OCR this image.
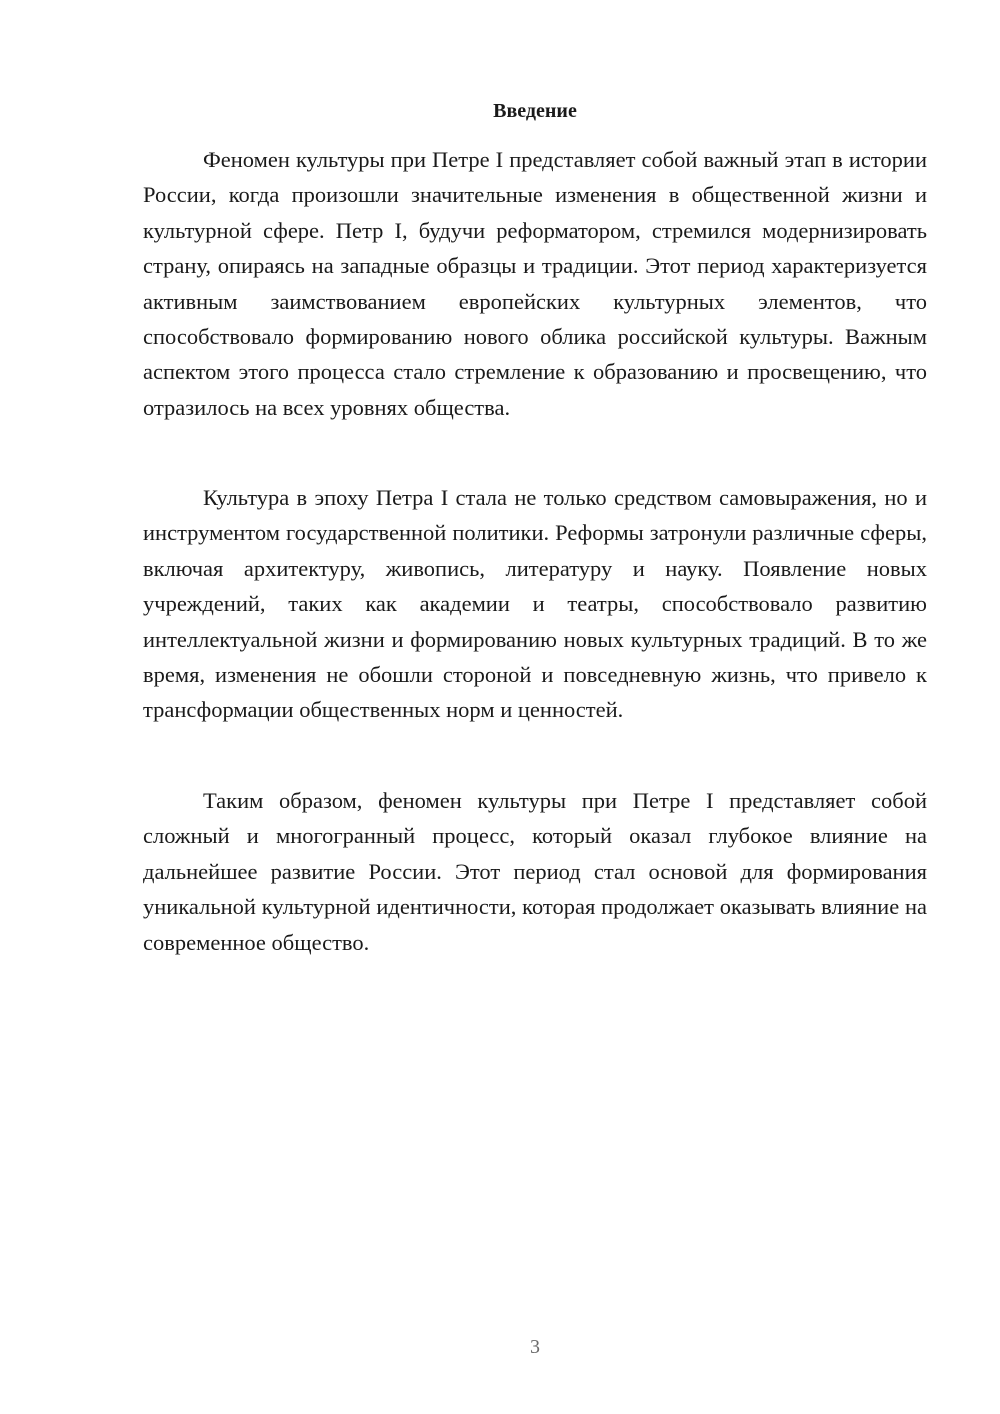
Введение

Феномен культуры при Петре I представляет собой важный этап в истории России, когда произошли значительные изменения в общественной жизни и культурной сфере. Петр I, будучи реформатором, стремился модернизировать страну, опираясь на западные образцы и традиции. Этот период характеризуется активным заимствованием европейских культурных элементов, что способствовало формированию нового облика российской культуры. Важным аспектом этого процесса стало стремление к образованию и просвещению, что отразилось на всех уровнях общества.

Культура в эпоху Петра I стала не только средством самовыражения, но и инструментом государственной политики. Реформы затронули различные сферы, включая архитектуру, живопись, литературу и науку. Появление новых учреждений, таких как академии и театры, способствовало развитию интеллектуальной жизни и формированию новых культурных традиций. В то же время, изменения не обошли стороной и повседневную жизнь, что привело к трансформации общественных норм и ценностей.

Таким образом, феномен культуры при Петре I представляет собой сложный и многогранный процесс, который оказал глубокое влияние на дальнейшее развитие России. Этот период стал основой для формирования уникальной культурной идентичности, которая продолжает оказывать влияние на современное общество.

3
